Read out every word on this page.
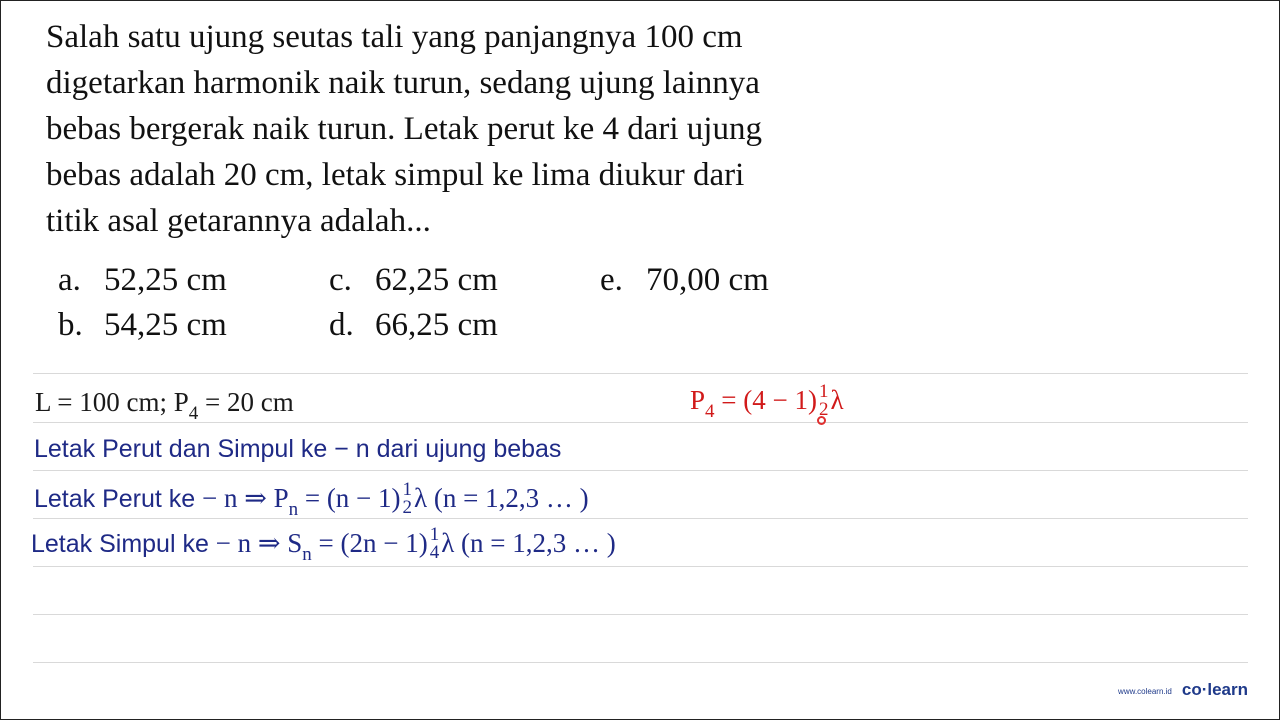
Salah satu ujung seutas tali yang panjangnya 100 cm
digetarkan harmonik naik turun, sedang ujung lainnya
bebas bergerak naik turun. Letak perut ke 4 dari ujung
bebas adalah 20 cm, letak simpul ke lima diukur dari
titik asal getarannya adalah...
a. 52,25 cm
b. 54,25 cm
c. 62,25 cm
d. 66,25 cm
e. 70,00 cm
L = 100 cm; $P_4 = 20$ cm	$P_4 = (4 - 1)$ 1
2 λ
Letak Perut dan Simpul ke − n dari ujung bebas
Letak Perut ke − n ⇒ $P_n = (n - 1)$ 1
2 λ (n = 1,2,3 … )
Letak Simpul ke − n ⇒ $S_n = (2n - 1)$ 1
4 λ (n = 1,2,3 … )
www.colearn.id co·learn
